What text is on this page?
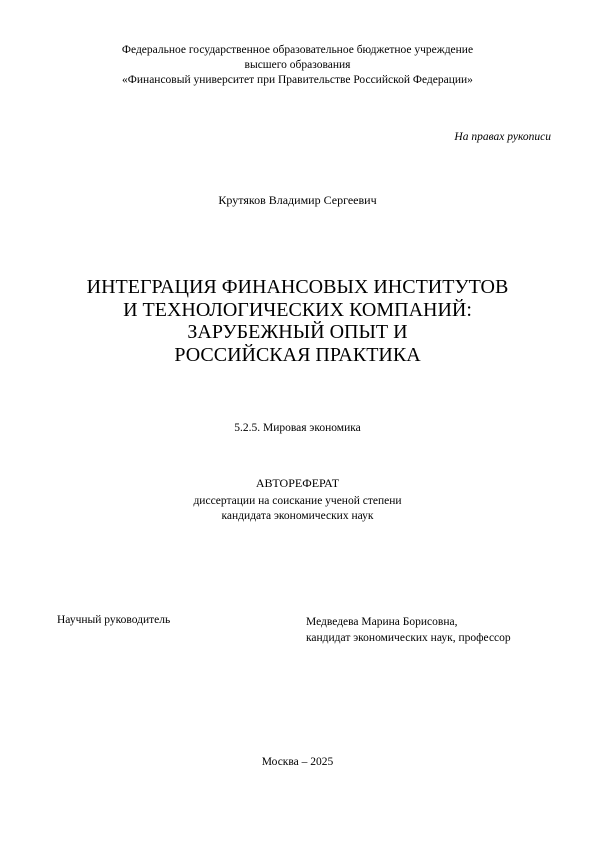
Федеральное государственное образовательное бюджетное учреждение
высшего образования
«Финансовый университет при Правительстве Российской Федерации»
На правах рукописи
Крутяков Владимир Сергеевич
ИНТЕГРАЦИЯ ФИНАНСОВЫХ ИНСТИТУТОВ
И ТЕХНОЛОГИЧЕСКИХ КОМПАНИЙ:
ЗАРУБЕЖНЫЙ ОПЫТ И
РОССИЙСКАЯ ПРАКТИКА
5.2.5. Мировая экономика
АВТОРЕФЕРАТ
диссертации на соискание ученой степени
кандидата экономических наук
Научный руководитель	Медведева Марина Борисовна,
кандидат экономических наук, профессор
Москва – 2025
